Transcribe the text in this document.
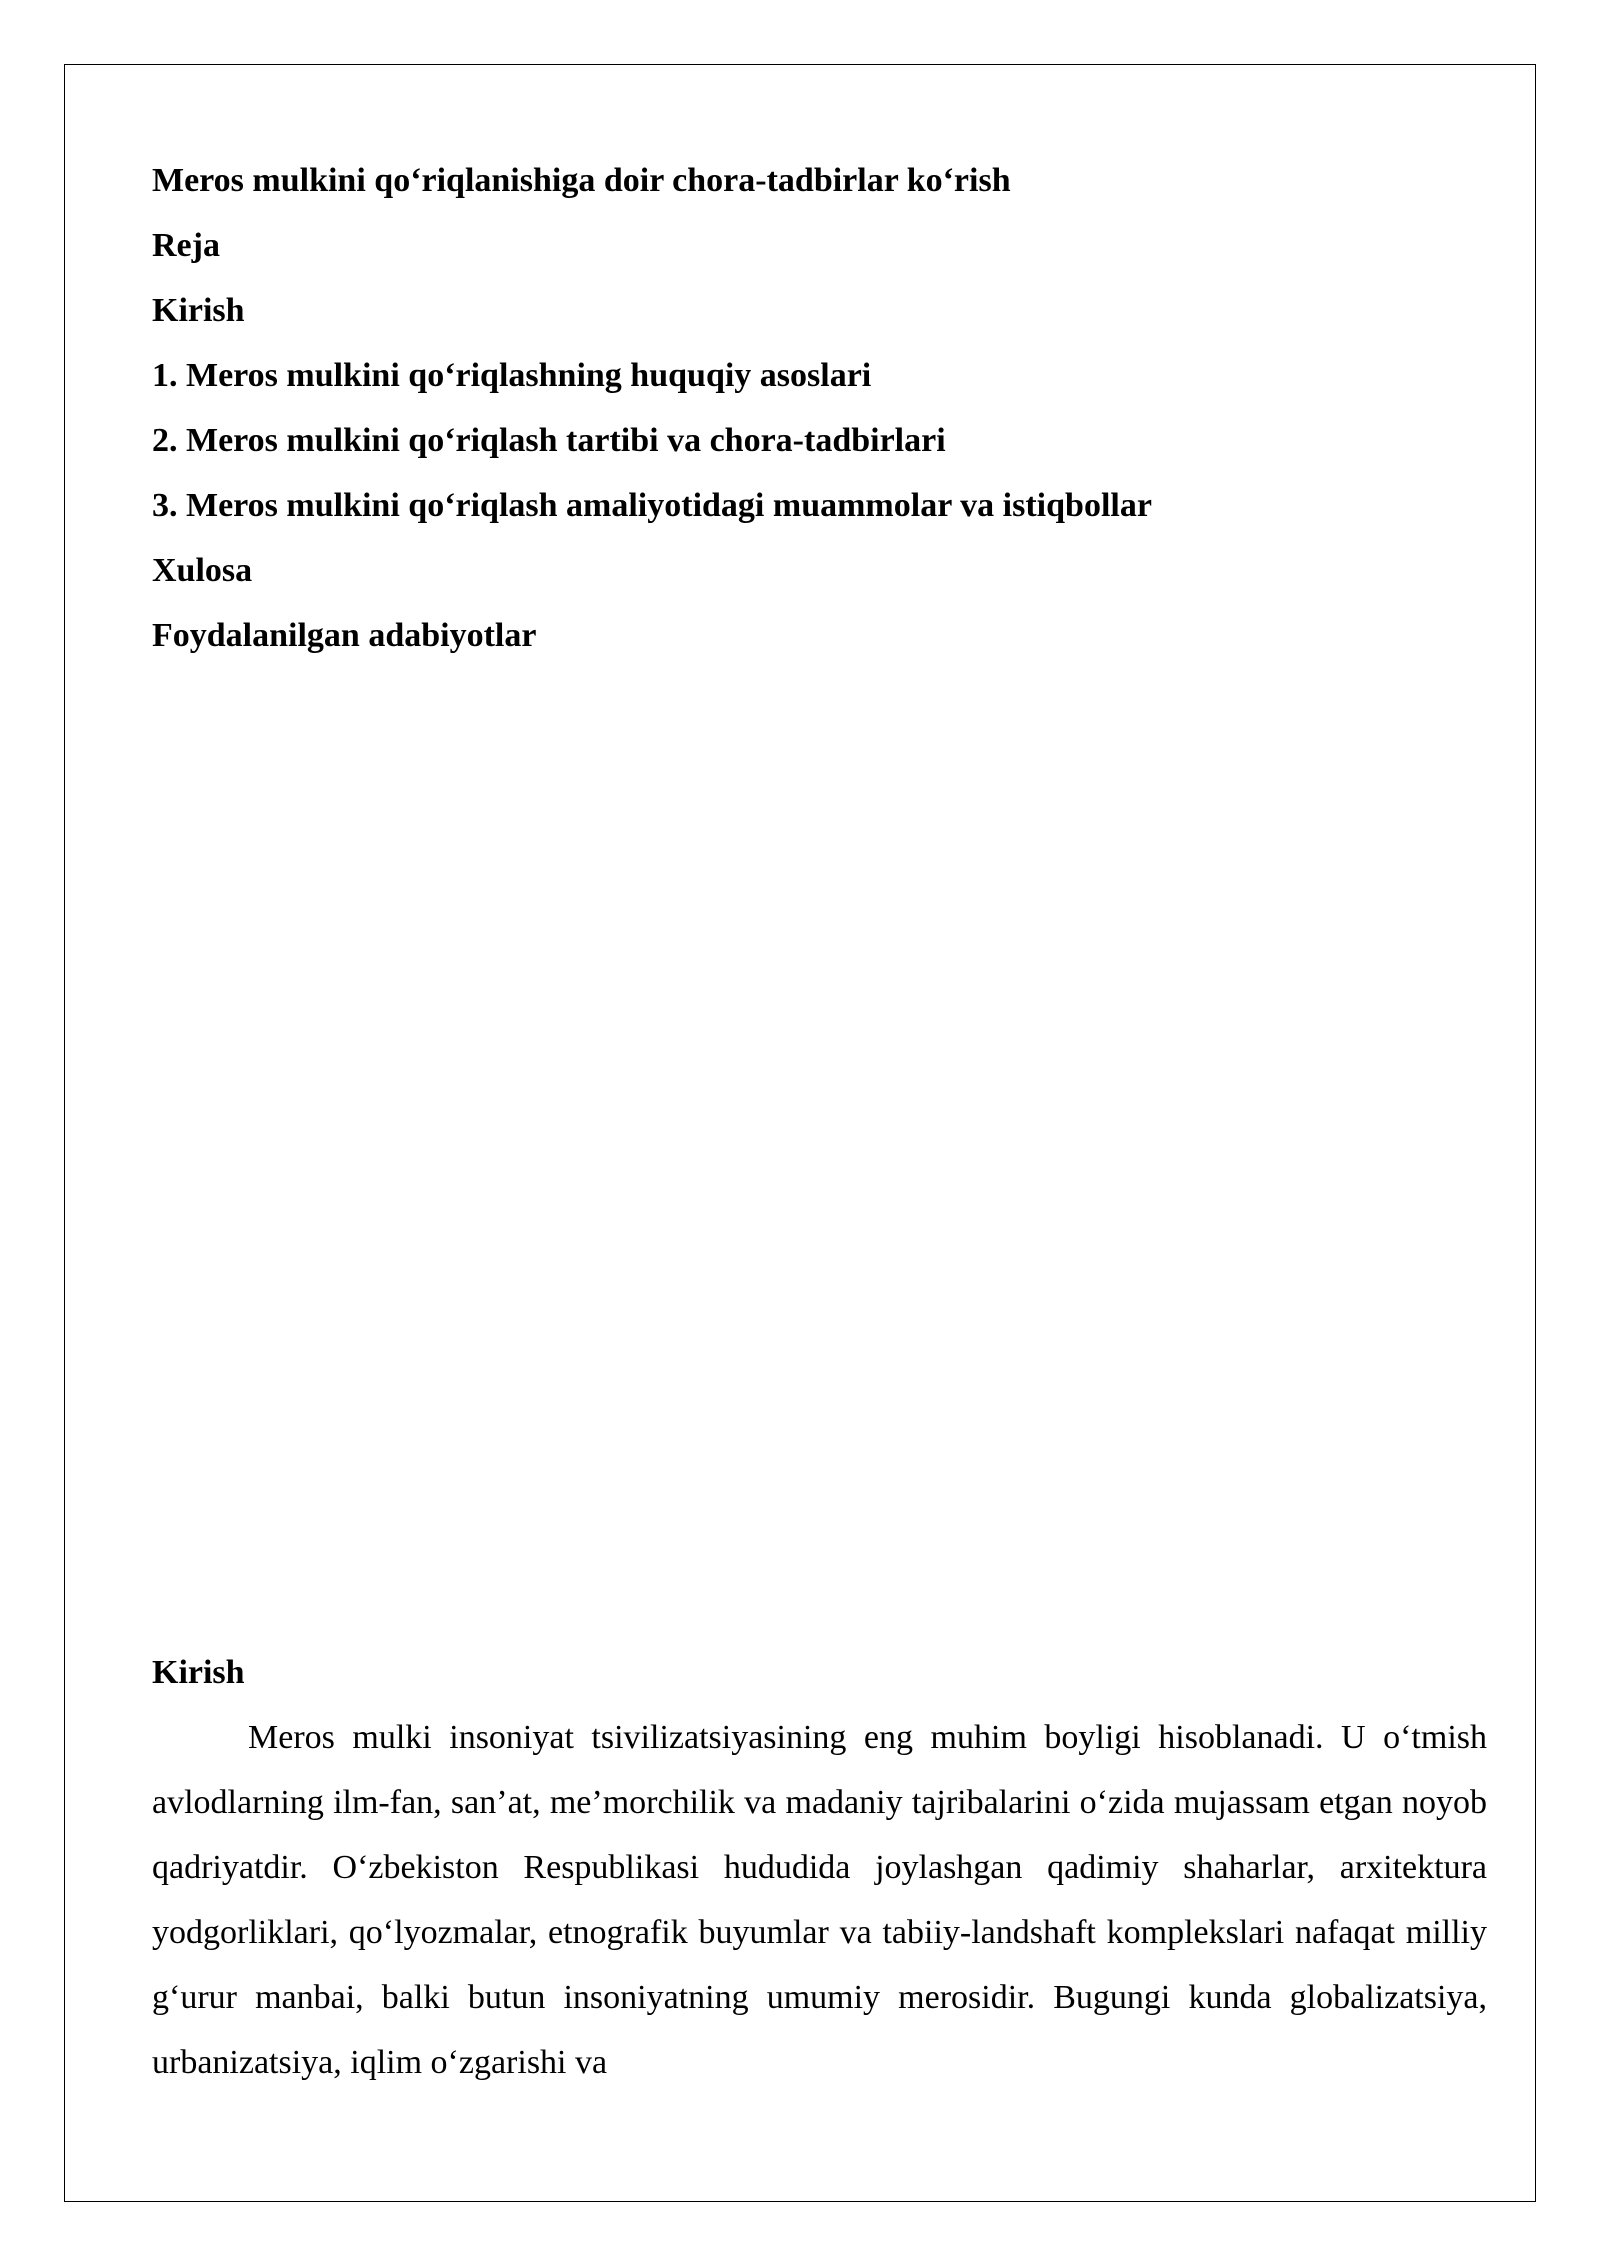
Meros mulkini qo‘riqlanishiga doir chora-tadbirlar ko‘rish

Reja

Kirish

1. Meros mulkini qo‘riqlashning huquqiy asoslari

2. Meros mulkini qo‘riqlash tartibi va chora-tadbirlari

3. Meros mulkini qo‘riqlash amaliyotidagi muammolar va istiqbollar

Xulosa

Foydalanilgan adabiyotlar

Kirish

Meros mulki insoniyat tsivilizatsiyasining eng muhim boyligi hisoblanadi. U o‘tmish avlodlarning ilm-fan, san’at, me’morchilik va madaniy tajribalarini o‘zida mujassam etgan noyob qadriyatdir. O‘zbekiston Respublikasi hududida joylashgan qadimiy shaharlar, arxitektura yodgorliklari, qo‘lyozmalar, etnografik buyumlar va tabiiy-landshaft komplekslari nafaqat milliy g‘urur manbai, balki butun insoniyatning umumiy merosidir. Bugungi kunda globalizatsiya, urbanizatsiya, iqlim o‘zgarishi va
